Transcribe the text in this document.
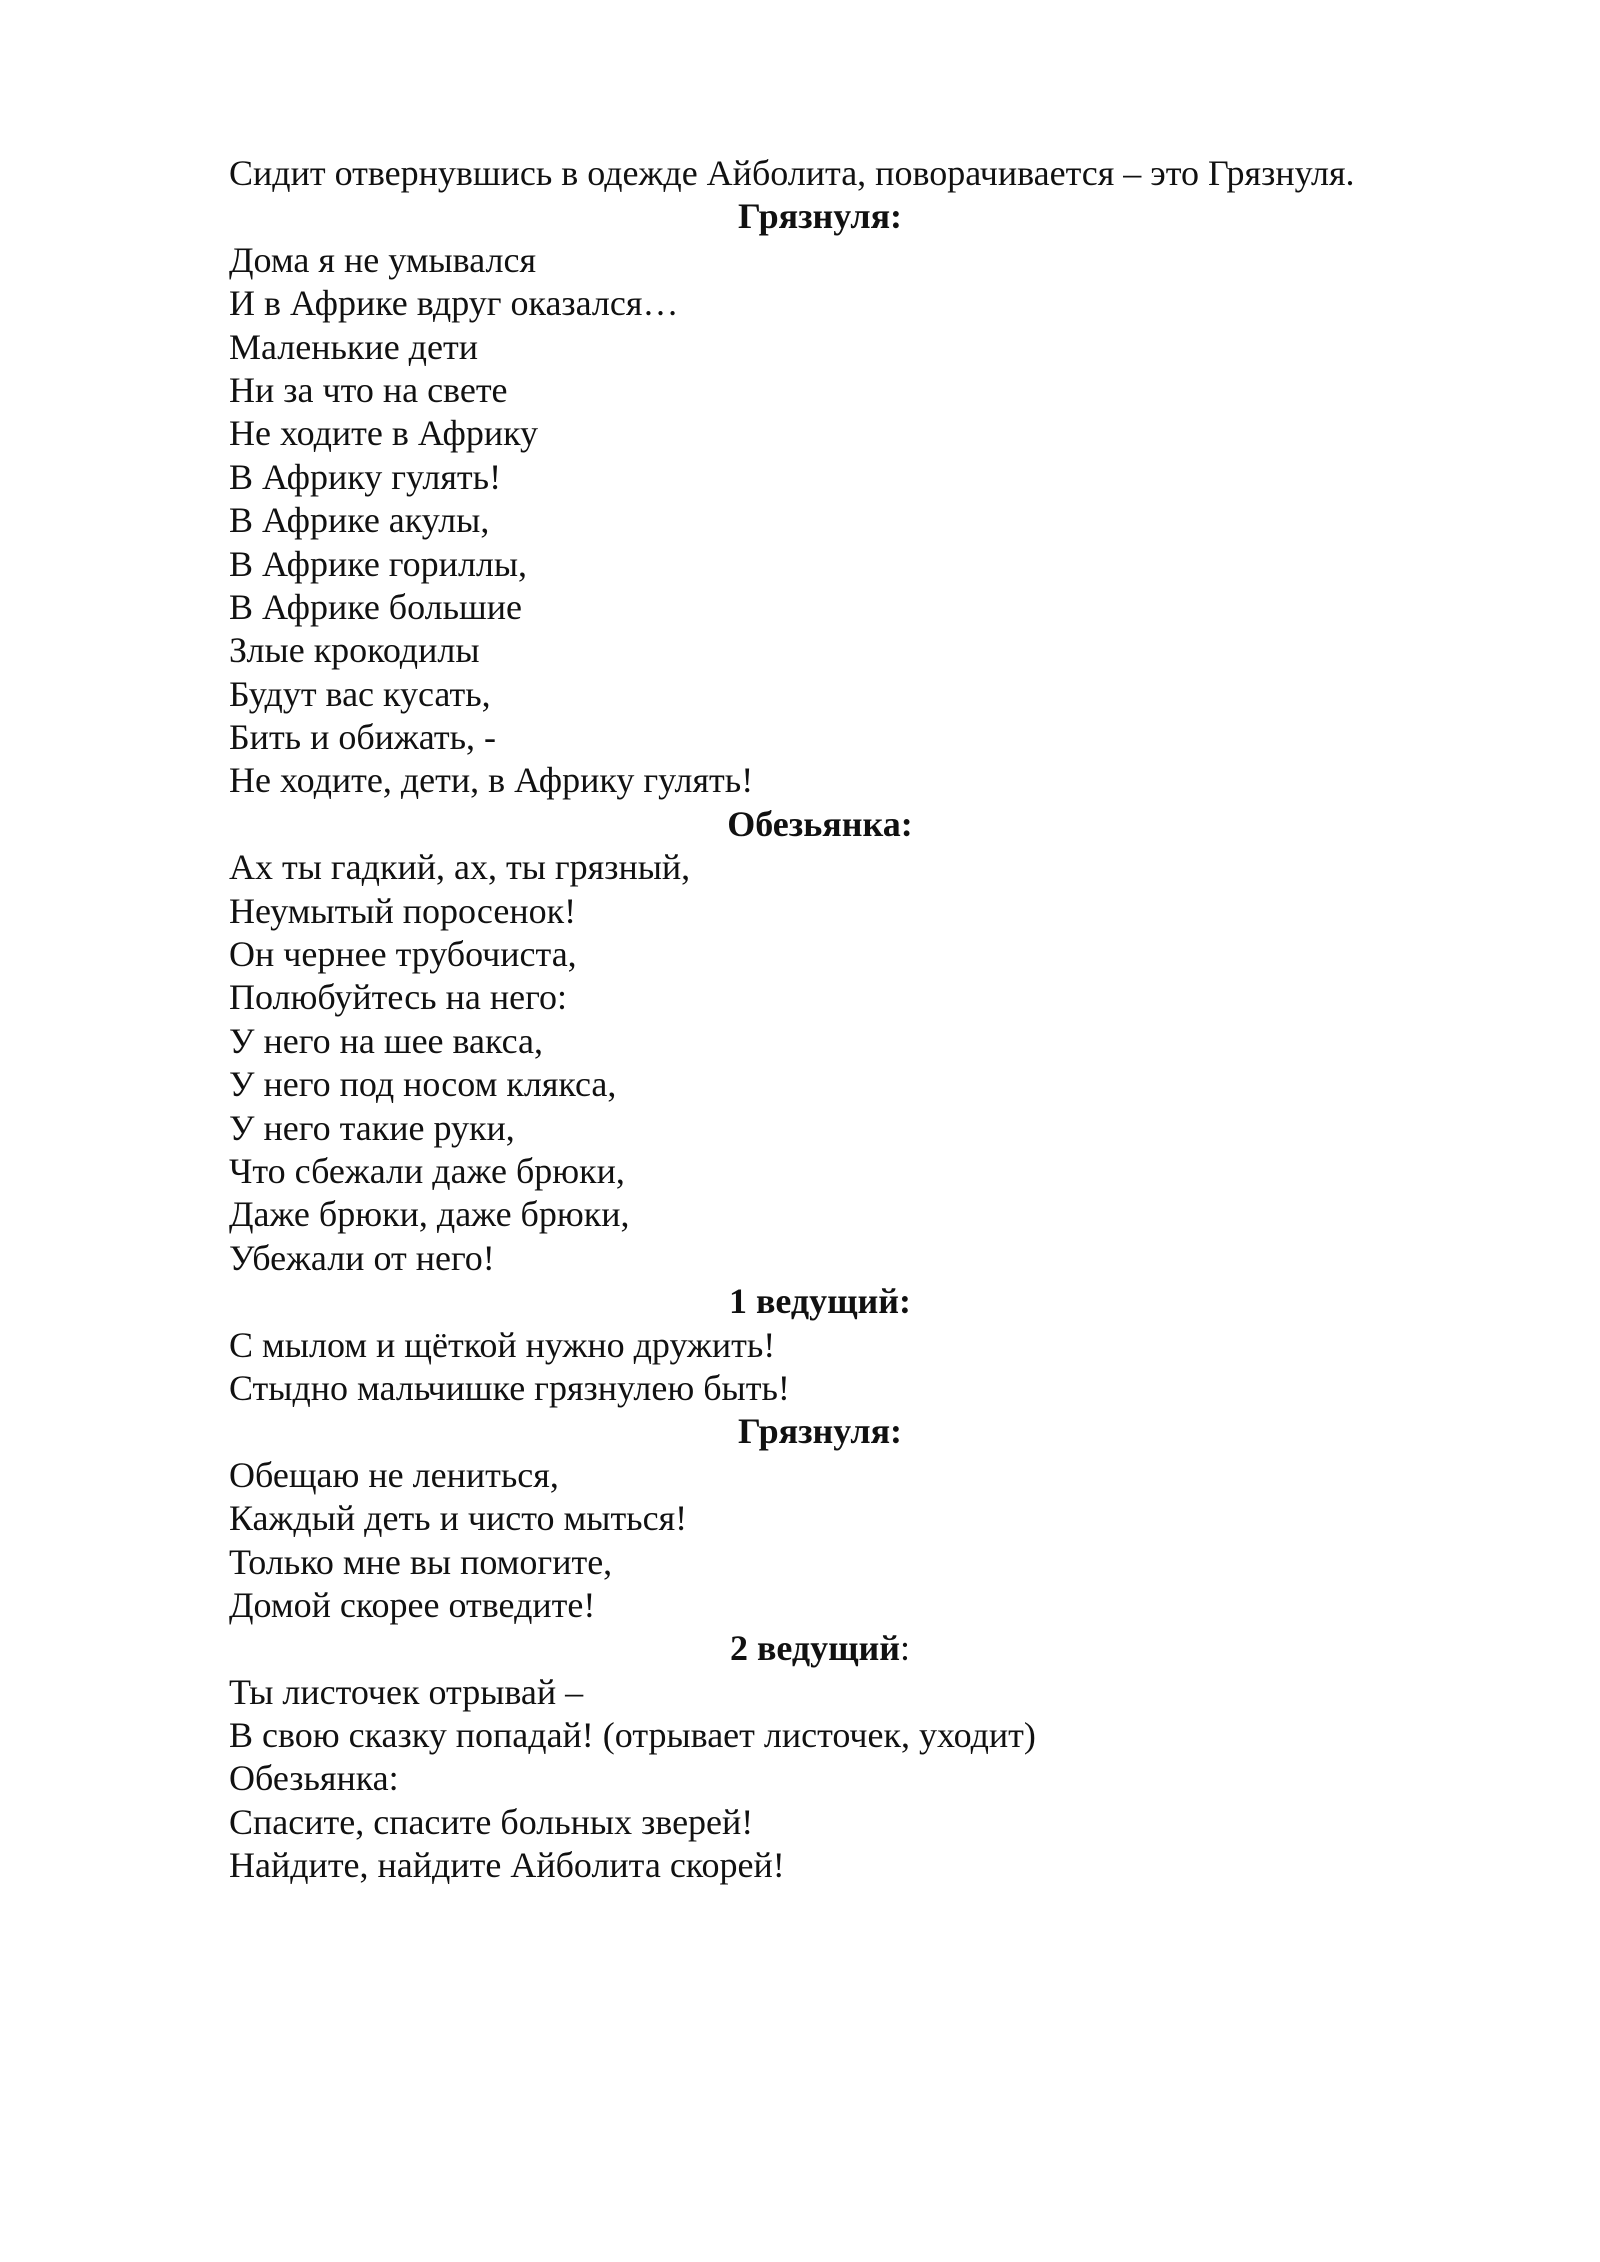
Сидит отвернувшись в одежде Айболита, поворачивается – это Грязнуля.
Грязнуля:
Дома я не умывался
И в Африке вдруг оказался…
Маленькие дети
Ни за что на свете
Не ходите в Африку
В Африку гулять!
В Африке акулы,
В Африке гориллы,
В Африке большие
Злые крокодилы
Будут вас кусать,
Бить и обижать, -
Не ходите, дети, в Африку гулять!
Обезьянка:
Ах ты гадкий, ах, ты грязный,
Неумытый поросенок!
Он чернее трубочиста,
Полюбуйтесь на него:
У него на шее вакса,
У него под носом клякса,
У него такие руки,
Что сбежали даже брюки,
Даже брюки, даже брюки,
Убежали от него!
1 ведущий:
С мылом и щёткой нужно дружить!
Стыдно мальчишке грязнулею быть!
Грязнуля:
Обещаю не лениться,
Каждый деть и чисто мыться!
Только мне вы помогите,
Домой скорее отведите!
2 ведущий:
Ты листочек отрывай –
В свою сказку попадай! (отрывает листочек, уходит)
Обезьянка:
Спасите, спасите больных зверей!
Найдите, найдите Айболита скорей!
